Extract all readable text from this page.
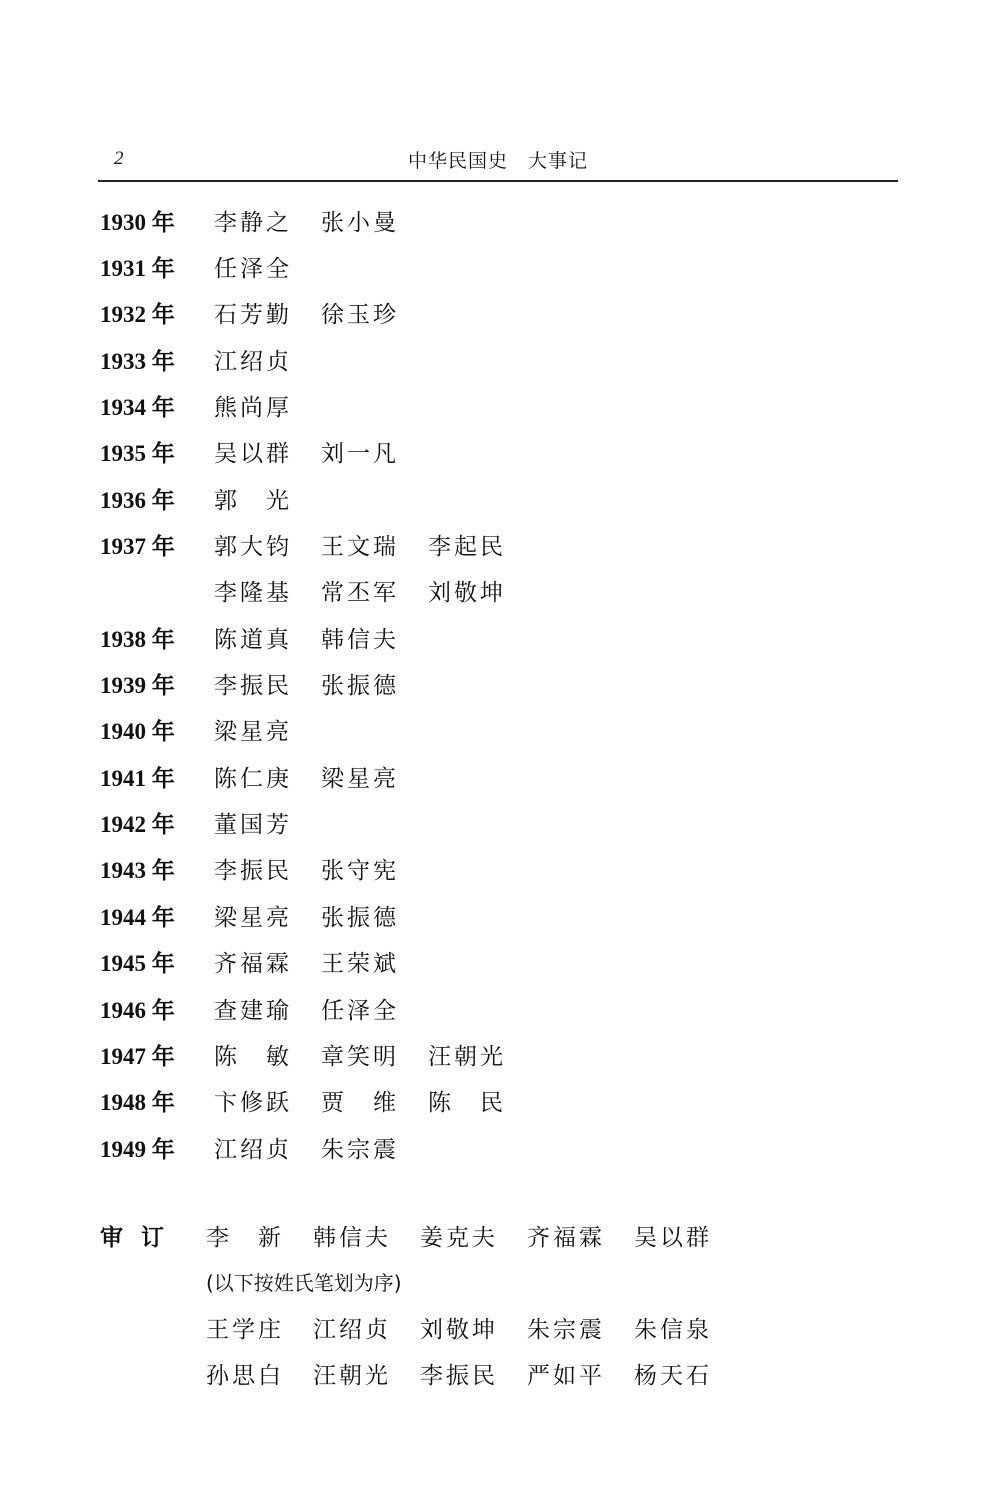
2	中华民国史　大事记
1930 年	李静之	张小曼
1931 年	任泽全
1932 年	石芳勤	徐玉珍
1933 年	江绍贞
1934 年	熊尚厚
1935 年	吴以群	刘一凡
1936 年	郭　光
1937 年	郭大钧	王文瑞	李起民
李隆基	常丕军	刘敬坤
1938 年	陈道真	韩信夫
1939 年	李振民	张振德
1940 年	梁星亮
1941 年	陈仁庚	梁星亮
1942 年	董国芳
1943 年	李振民	张守宪
1944 年	梁星亮	张振德
1945 年	齐福霖	王荣斌
1946 年	查建瑜	任泽全
1947 年	陈　敏	章笑明	汪朝光
1948 年	卞修跃	贾　维	陈　民
1949 年	江绍贞	朱宗震
审订	李　新	韩信夫	姜克夫	齐福霖	吴以群
(以下按姓氏笔划为序)
王学庄	江绍贞	刘敬坤	朱宗震	朱信泉
孙思白	汪朝光	李振民	严如平	杨天石
